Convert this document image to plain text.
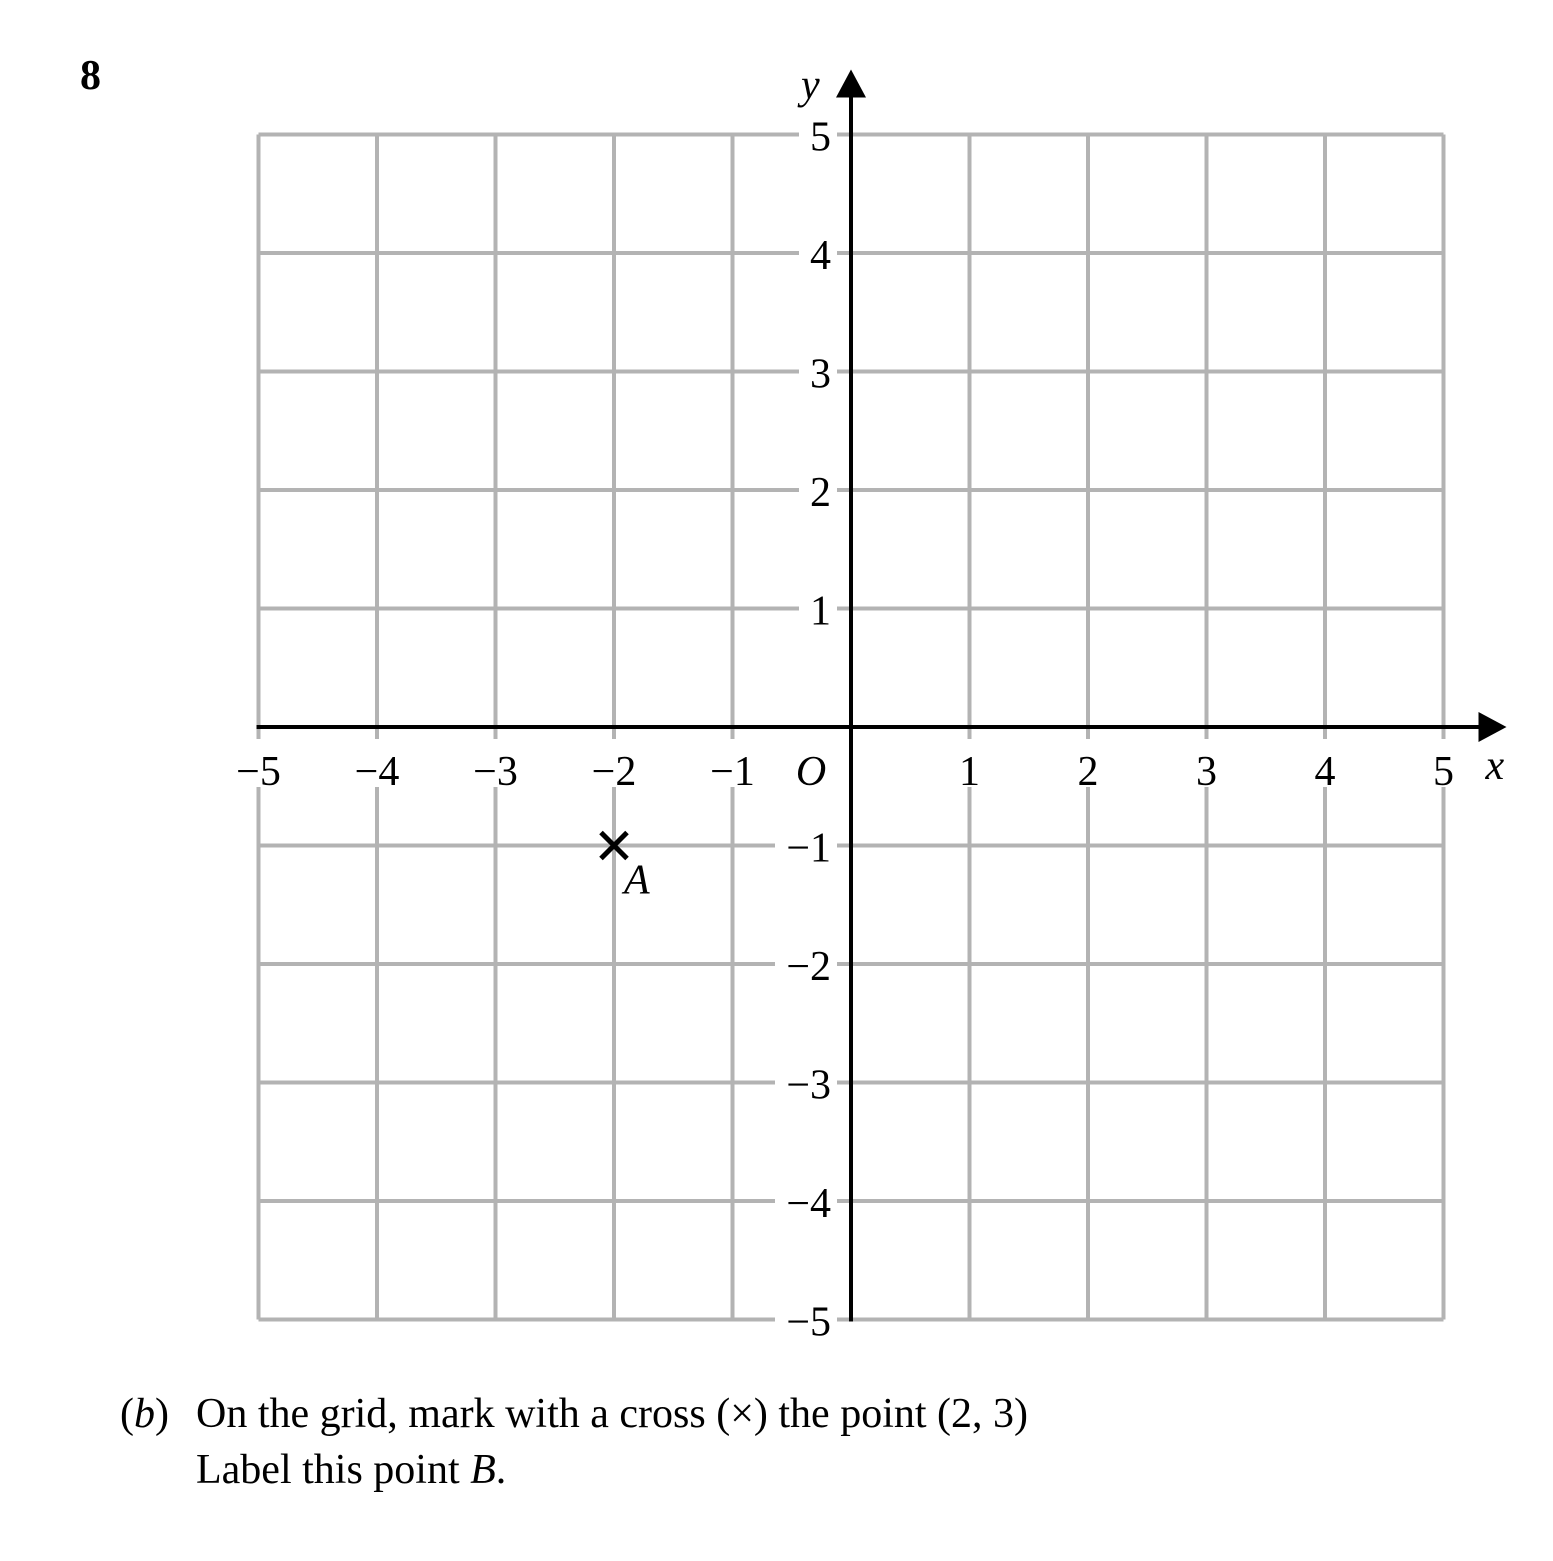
8
−5 −4 −3 −2 −1	1 2 3 4 5
5
4
3
2
1
−1
−2
−3
−4
−5
x
y
O
A
(b) On the grid, mark with a cross (×) the point (2, 3)
Label this point B.
